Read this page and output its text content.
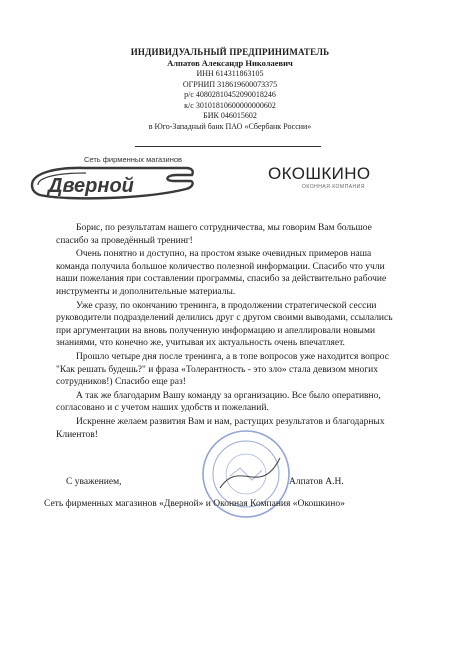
ИНДИВИДУАЛЬНЫЙ ПРЕДПРИНИМАТЕЛЬ
Алпатов Александр Николаевич
ИНН 614311863105
ОГРНИП 318619600073375
р/с 40802810452090018246
к/с 30101810600000000602
БИК 046015602
в Юго-Западный банк ПАО «Сбербанк России»
Дверной
Сеть фирменных магазинов
ОКОШКИНО
ОКОННАЯ КОМПАНИЯ

Борис, по результатам нашего сотрудничества, мы говорим Вам большое спасибо за проведённый тренинг!

Очень понятно и доступно, на простом языке очевидных примеров наша команда получила большое количество полезной информации. Спасибо что учли наши пожелания при составлении программы, спасибо за действительно рабочие инструменты и дополнительные материалы.

Уже сразу, по окончанию тренинга, в продолжении стратегической сессии руководители подразделений делились друг с другом своими выводами, ссылались при аргументации на вновь полученную информацию и апеллировали новыми знаниями, что конечно же, учитывая их актуальность очень впечатляет.

Прошло четыре дня после тренинга, а в топе вопросов уже находится вопрос "Как решать будешь?" и фраза «Толерантность - это зло» стала девизом многих сотрудников!) Спасибо еще раз!

А так же благодарим Вашу команду за организацию. Все было оперативно, согласовано и с учетом наших удобств и пожеланий.

Искренне желаем развития Вам и нам, растущих результатов и благодарных Клиентов!

С уважением,	Алпатов А.Н.
Сеть фирменных магазинов «Дверной» и Оконная Компания «Окошкино»
